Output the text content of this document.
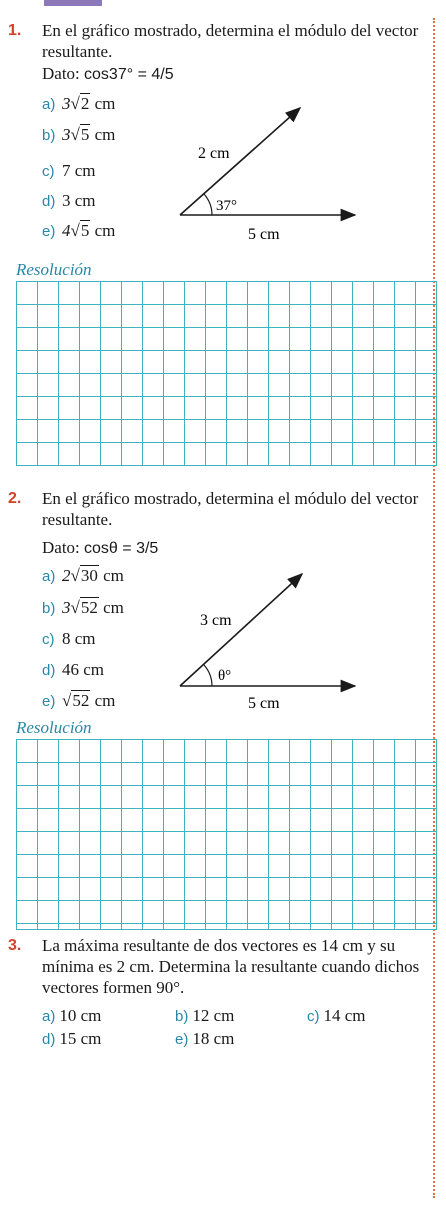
1. En el gráfico mostrado, determina el módulo del vector resultante.
Dato: cos37° = 4/5
a) 3√2 cm
b) 3√5 cm
c) 7 cm
d) 3 cm
e) 4√5 cm
2 cm
5 cm
37°
Resolución
2. En el gráfico mostrado, determina el módulo del vector resultante.
Dato: cosθ = 3/5
a) 2√30 cm
b) 3√52 cm
c) 8 cm
d) 46 cm
e) √52 cm
3 cm
5 cm
θ°
Resolución
3. La máxima resultante de dos vectores es 14 cm y su mínima es 2 cm. Determina la resultante cuando dichos vectores formen 90°.
a) 10 cm	b) 12 cm	c) 14 cm
d) 15 cm	e) 18 cm
